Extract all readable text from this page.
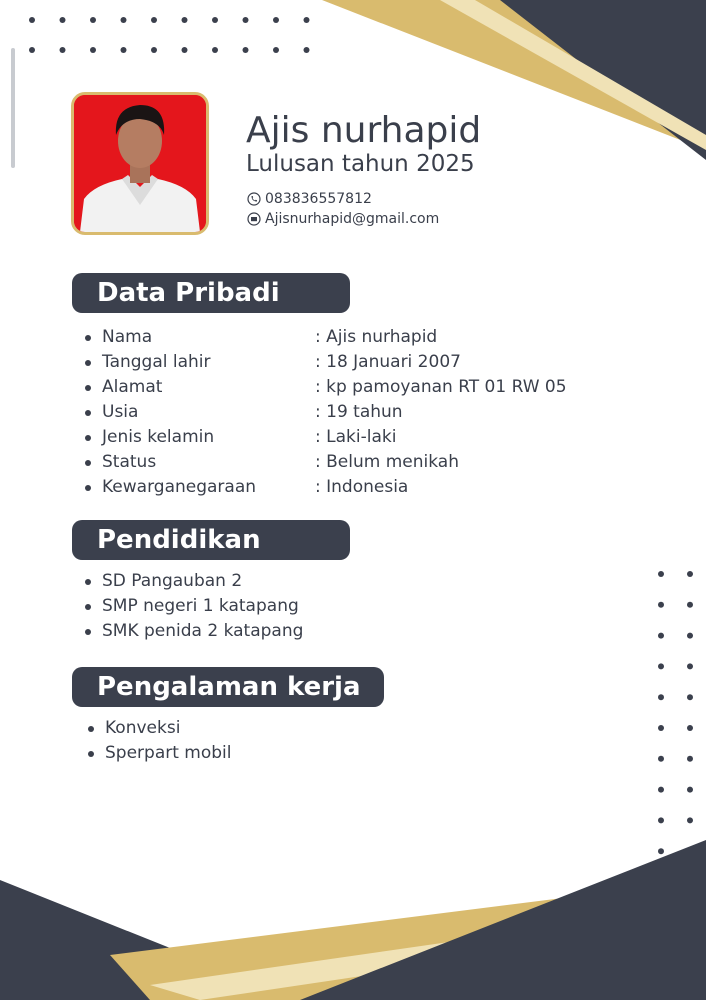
Ajis nurhapid
Lulusan tahun 2025
083836557812
Ajisnurhapid@gmail.com
Data Pribadi
Nama	: Ajis nurhapid
Tanggal lahir	: 18 Januari 2007
Alamat	: kp pamoyanan RT 01 RW 05
Usia	: 19 tahun
Jenis kelamin	: Laki-laki
Status	: Belum menikah
Kewarganegaraan	: Indonesia
Pendidikan
SD Pangauban 2
SMP negeri 1 katapang
SMK penida 2 katapang
Pengalaman kerja
Konveksi
Sperpart mobil
